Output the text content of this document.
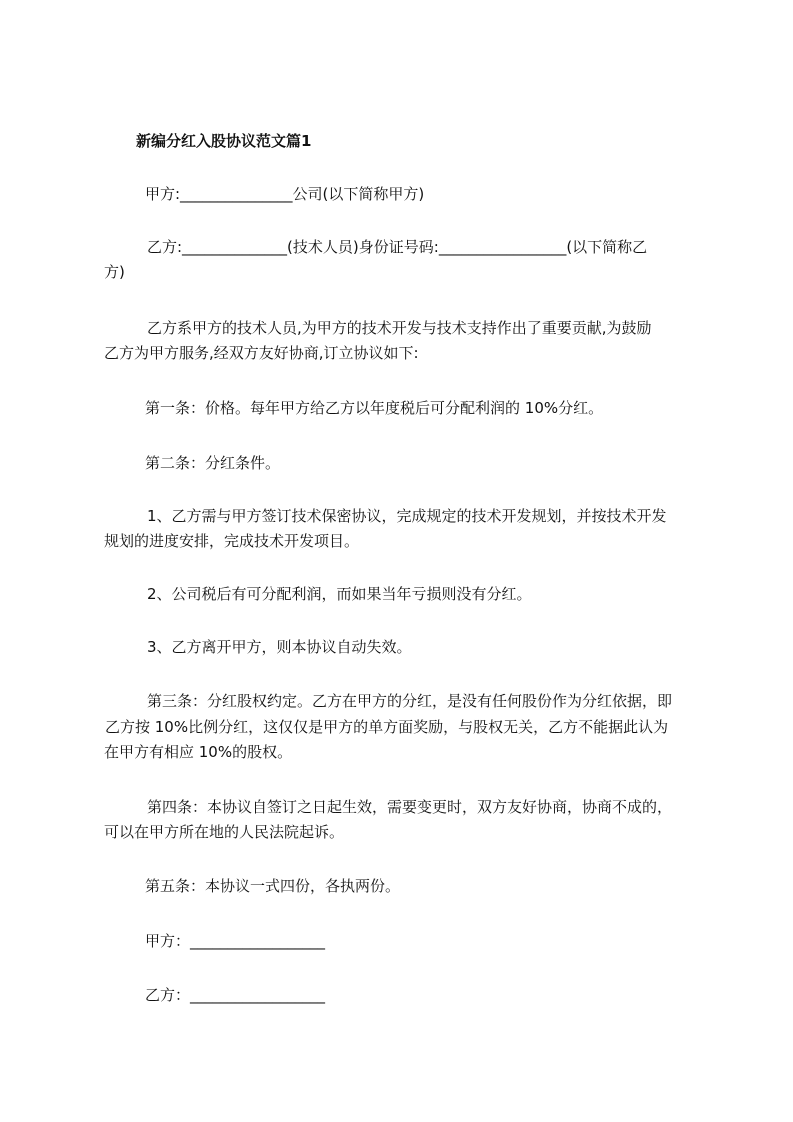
新编分红入股协议范文篇1
甲方:_______________公司(以下简称甲方)
乙方:______________(技术人员)身份证号码:_________________(以下简称乙
方)
乙方系甲方的技术人员,为甲方的技术开发与技术支持作出了重要贡献,为鼓励
乙方为甲方服务,经双方友好协商,订立协议如下:
第一条：价格。每年甲方给乙方以年度税后可分配利润的 10%分红。
第二条：分红条件。
1、乙方需与甲方签订技术保密协议，完成规定的技术开发规划，并按技术开发
规划的进度安排，完成技术开发项目。
2、公司税后有可分配利润，而如果当年亏损则没有分红。
3、乙方离开甲方，则本协议自动失效。
第三条：分红股权约定。乙方在甲方的分红，是没有任何股份作为分红依据，即
乙方按 10%比例分红，这仅仅是甲方的单方面奖励，与股权无关，乙方不能据此认为
在甲方有相应 10%的股权。
第四条：本协议自签订之日起生效，需要变更时，双方友好协商，协商不成的，
可以在甲方所在地的人民法院起诉。
第五条：本协议一式四份，各执两份。
甲方：__________________
乙方：__________________
